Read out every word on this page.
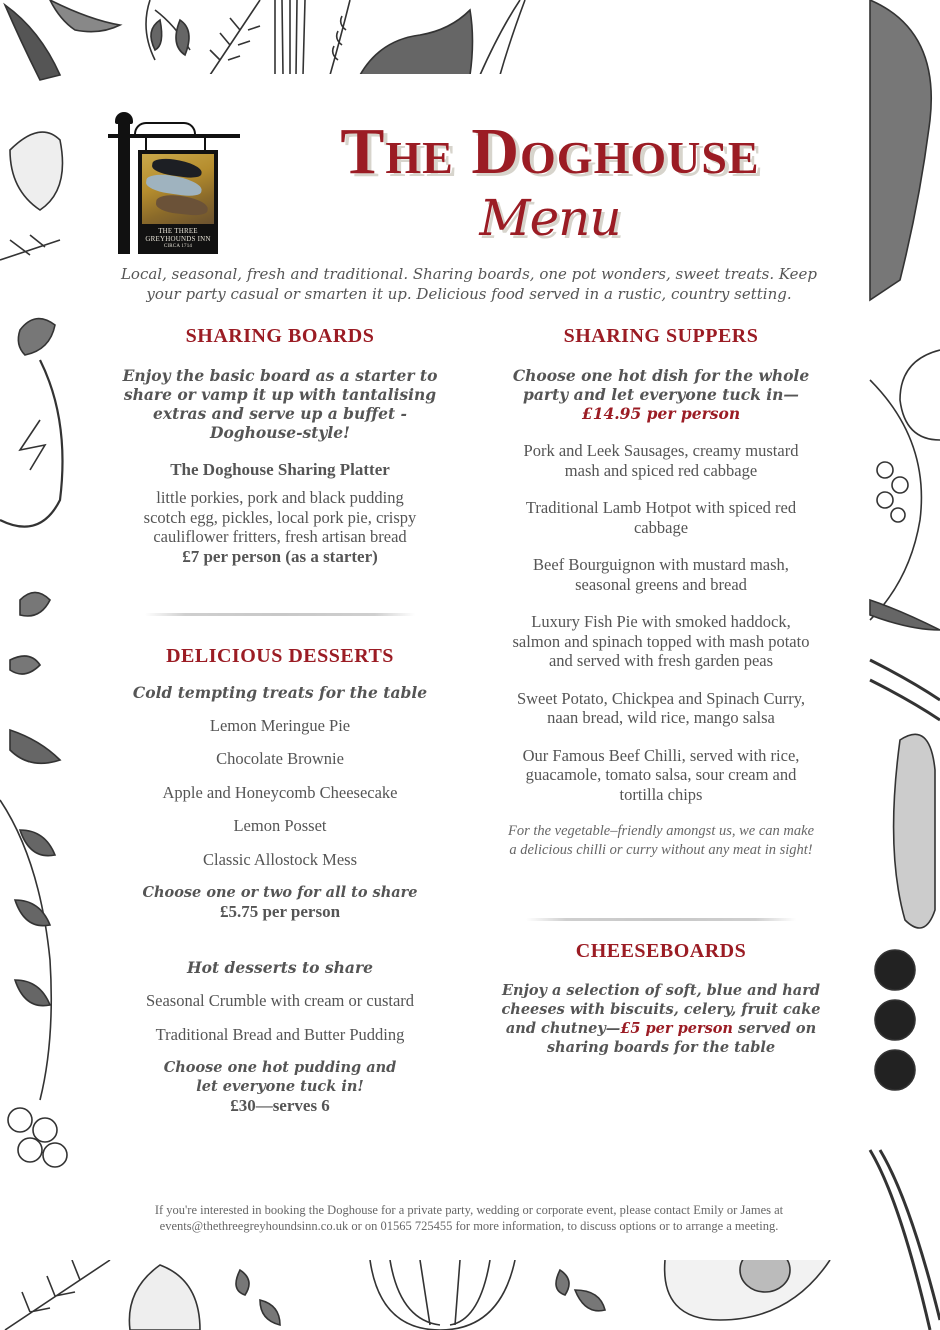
THE THREE
GREYHOUNDS INN
CIRCA 1714
The Doghouse
Menu
Local, seasonal, fresh and traditional. Sharing boards, one pot wonders, sweet treats. Keep
your party casual or smarten it up. Delicious food served in a rustic, country setting.
SHARING BOARDS
Enjoy the basic board as a starter to
share or vamp it up with tantalising
extras and serve up a buffet -
Doghouse-style!
The Doghouse Sharing Platter
little porkies, pork and black pudding
scotch egg, pickles, local pork pie, crispy
cauliflower fritters, fresh artisan bread
£7 per person (as a starter)
DELICIOUS DESSERTS
Cold tempting treats for the table
Lemon Meringue Pie
Chocolate Brownie
Apple and Honeycomb Cheesecake
Lemon Posset
Classic Allostock Mess
Choose one or two for all to share
£5.75 per person
Hot desserts to share
Seasonal Crumble with cream or custard
Traditional Bread and Butter Pudding
Choose one hot pudding and
let everyone tuck in!
£30—serves 6
SHARING SUPPERS
Choose one hot dish for the whole
party and let everyone tuck in—
£14.95 per person
Pork and Leek Sausages, creamy mustard
mash and spiced red cabbage
Traditional Lamb Hotpot with spiced red
cabbage
Beef Bourguignon with mustard mash,
seasonal greens and bread
Luxury Fish Pie with smoked haddock,
salmon and spinach topped with mash potato
and served with fresh garden peas
Sweet Potato, Chickpea and Spinach Curry,
naan bread, wild rice, mango salsa
Our Famous Beef Chilli, served with rice,
guacamole, tomato salsa, sour cream and
tortilla chips
For the vegetable–friendly amongst us, we can make
a delicious chilli or curry without any meat in sight!
CHEESEBOARDS
Enjoy a selection of soft, blue and hard
cheeses with biscuits, celery, fruit cake
and chutney—£5 per person served on
sharing boards for the table
If you're interested in booking the Doghouse for a private party, wedding or corporate event, please contact Emily or James at
events@thethreegreyhoundsinn.co.uk or on 01565 725455 for more information, to discuss options or to arrange a meeting.
